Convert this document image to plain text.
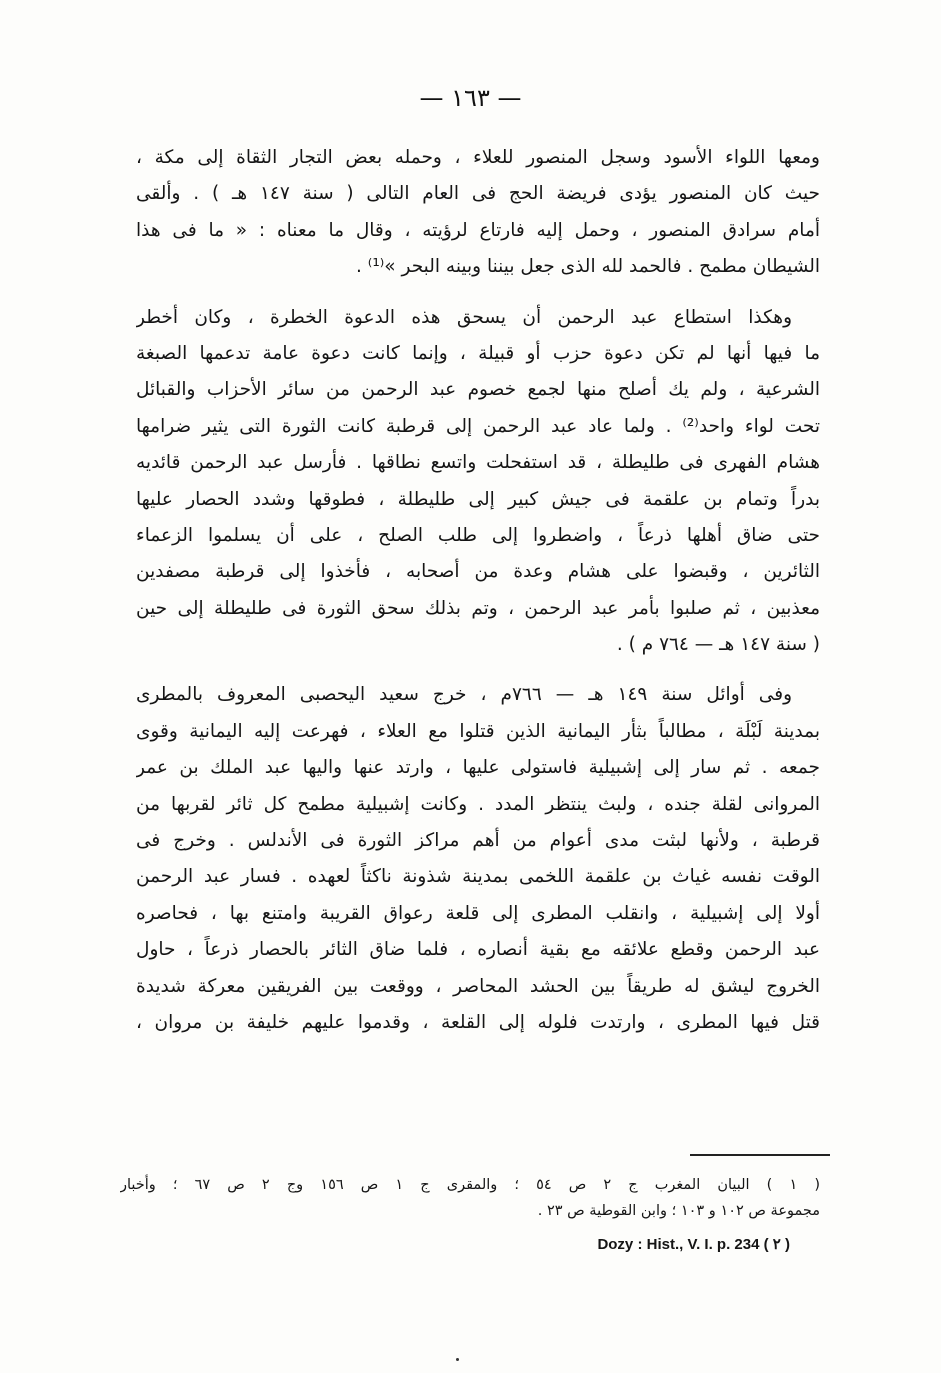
— ١٦٣ —
ومعها اللواء الأسود وسجل المنصور للعلاء ، وحمله بعض التجار الثقاة إلى مكة ،
حيث كان المنصور يؤدى فريضة الحج فى العام التالى ( سنة ١٤٧ هـ ) . وألقى
أمام سرادق المنصور ، وحمل إليه فارتاع لرؤيته ، وقال ما معناه : « ما فى هذا
الشيطان مطمح . فالحمد لله الذى جعل بيننا وبينه البحر »⁽¹⁾ .
وهكذا استطاع عبد الرحمن أن يسحق هذه الدعوة الخطرة ، وكان أخطر
ما فيها أنها لم تكن دعوة حزب أو قبيلة ، وإنما كانت دعوة عامة تدعمها الصبغة
الشرعية ، ولم يك أصلح منها لجمع خصوم عبد الرحمن من سائر الأحزاب والقبائل
تحت لواء واحد⁽²⁾ . ولما عاد عبد الرحمن إلى قرطبة كانت الثورة التى يثير ضرامها
هشام الفهرى فى طليطلة ، قد استفحلت واتسع نطاقها . فأرسل عبد الرحمن قائديه
بدراً وتمام بن علقمة فى جيش كبير إلى طليطلة ، فطوقها وشدد الحصار عليها
حتى ضاق أهلها ذرعاً ، واضطروا إلى طلب الصلح ، على أن يسلموا الزعماء
الثائرين ، وقبضوا على هشام وعدة من أصحابه ، فأخذوا إلى قرطبة مصفدين
معذبين ، ثم صلبوا بأمر عبد الرحمن ، وتم بذلك سحق الثورة فى طليطلة إلى حين
( سنة ١٤٧ هـ — ٧٦٤ م ) .
وفى أوائل سنة ١٤٩ هـ — ٧٦٦م ، خرج سعيد اليحصبى المعروف بالمطرى
بمدينة لَبْلَة ، مطالباً بثأر اليمانية الذين قتلوا مع العلاء ، فهرعت إليه اليمانية وقوى
جمعه . ثم سار إلى إشبيلية فاستولى عليها ، وارتد عنها واليها عبد الملك بن عمر
المروانى لقلة جنده ، ولبث ينتظر المدد . وكانت إشبيلية مطمح كل ثائر لقربها من
قرطبة ، ولأنها لبثت مدى أعوام من أهم مراكز الثورة فى الأندلس . وخرج فى
الوقت نفسه غياث بن علقمة اللخمى بمدينة شذونة ناكثاً لعهده . فسار عبد الرحمن
أولا إلى إشبيلية ، وانقلب المطرى إلى قلعة رعواق القريبة وامتنع بها ، فحاصره
عبد الرحمن وقطع علائقه مع بقية أنصاره ، فلما ضاق الثائر بالحصار ذرعاً ، حاول
الخروج ليشق له طريقاً بين الحشد المحاصر ، ووقعت بين الفريقين معركة شديدة
قتل فيها المطرى ، وارتدت فلوله إلى القلعة ، وقدموا عليهم خليفة بن مروان ،
( ١ ) البيان المغرب ج ٢ ص ٥٤ ؛ والمقرى ج ١ ص ١٥٦ وج ٢ ص ٦٧ ؛ وأخبار
مجموعة ص ١٠٢ و ١٠٣ ؛ وابن القوطية ص ٢٣ .
Dozy : Hist., V. I. p. 234 ( ٢ )
